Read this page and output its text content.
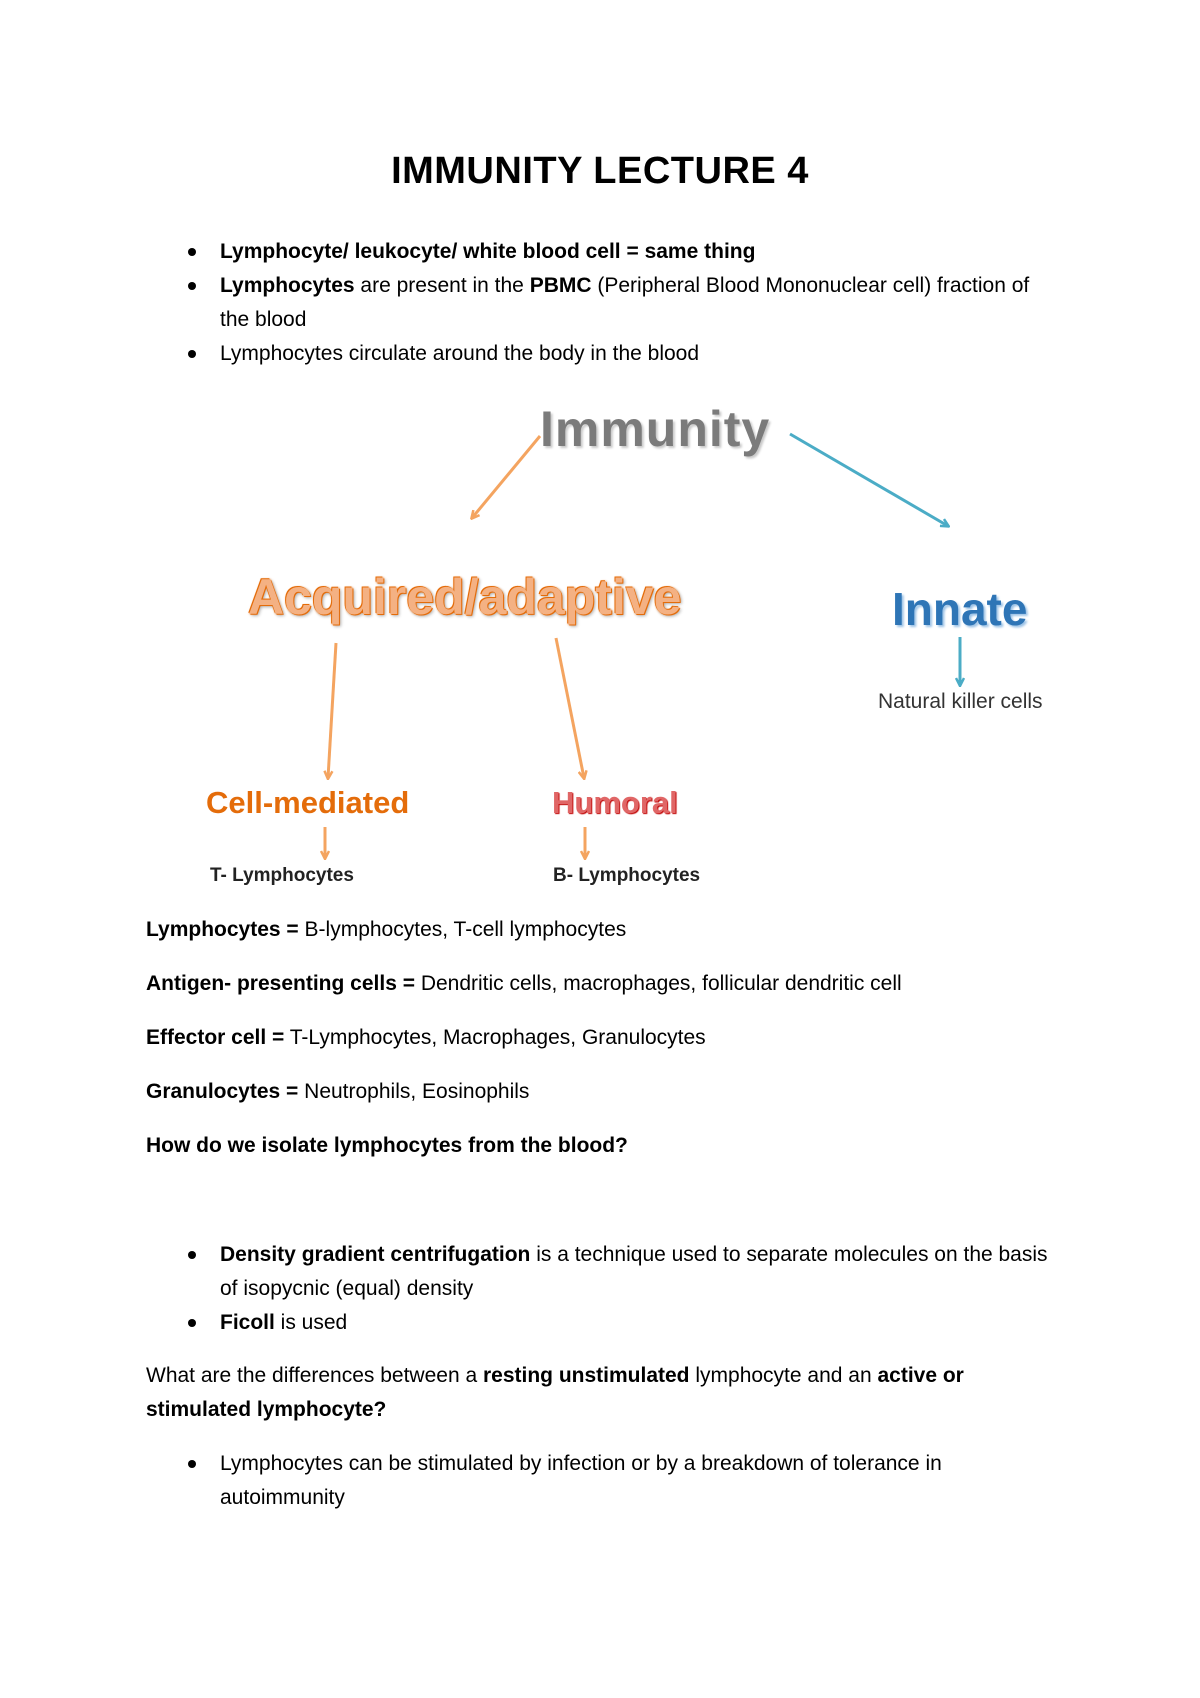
IMMUNITY LECTURE 4
Lymphocyte/ leukocyte/ white blood cell = same thing
Lymphocytes are present in the PBMC (Peripheral Blood Mononuclear cell) fraction of the blood
Lymphocytes circulate around the body in the blood
Immunity
Acquired/adaptive	Innate
Natural killer cells
Cell-mediated	Humoral
T- Lymphocytes	B- Lymphocytes

Lymphocytes = B-lymphocytes, T-cell lymphocytes

Antigen- presenting cells = Dendritic cells, macrophages, follicular dendritic cell

Effector cell = T-Lymphocytes, Macrophages, Granulocytes

Granulocytes = Neutrophils, Eosinophils

How do we isolate lymphocytes from the blood?

Density gradient centrifugation is a technique used to separate molecules on the basis of isopycnic (equal) density
Ficoll is used

What are the differences between a resting unstimulated lymphocyte and an active or stimulated lymphocyte?

Lymphocytes can be stimulated by infection or by a breakdown of tolerance in autoimmunity
